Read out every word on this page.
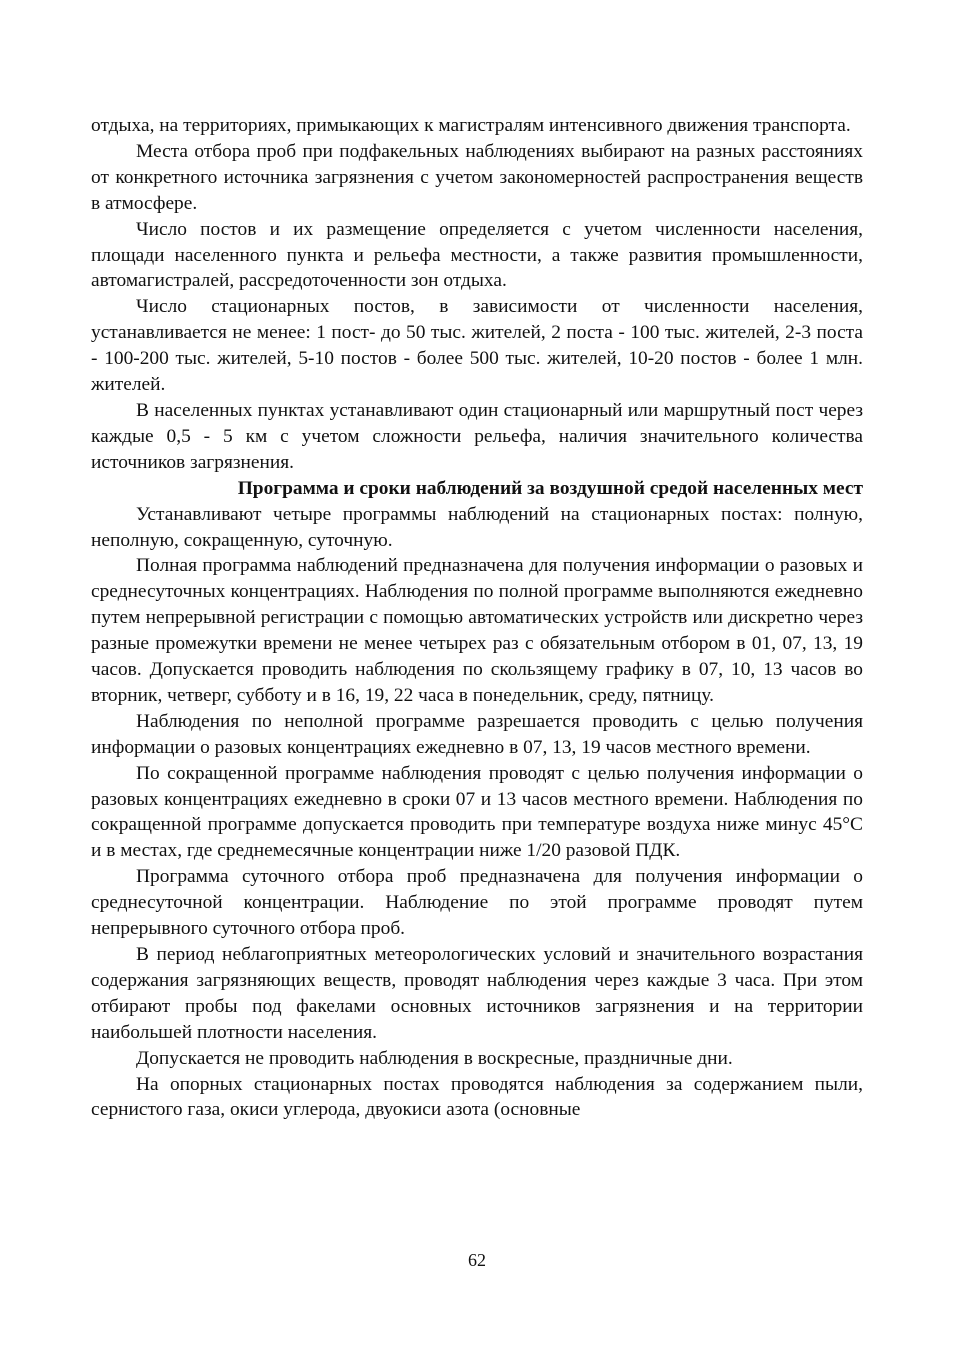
отдыха, на территориях, примыкающих к магистралям интенсивного движения транспорта.

Места отбора проб при подфакельных наблюдениях выбирают на разных расстояниях от конкретного источника загрязнения с учетом закономерностей распространения веществ в атмосфере.

Число постов и их размещение определяется с учетом численности населения, площади населенного пункта и рельефа местности, а также развития промышленности, автомагистралей, рассредоточенности зон отдыха.

Число стационарных постов, в зависимости от численности населения, устанавливается не менее: 1 пост- до 50 тыс. жителей, 2 поста - 100 тыс. жителей, 2-3 поста - 100-200 тыс. жителей, 5-10 постов - более 500 тыс. жителей, 10-20 постов - более 1 млн. жителей.

В населенных пунктах устанавливают один стационарный или маршрутный пост через каждые 0,5 - 5 км с учетом сложности рельефа, наличия значительного количества источников загрязнения.

Программа и сроки наблюдений за воздушной средой населенных мест

Устанавливают четыре программы наблюдений на стационарных постах: полную, неполную, сокращенную, суточную.

Полная программа наблюдений предназначена для получения информации о разовых и среднесуточных концентрациях. Наблюдения по полной программе выполняются ежедневно путем непрерывной регистрации с помощью автоматических устройств или дискретно через разные промежутки времени не менее четырех раз с обязательным отбором в 01, 07, 13, 19 часов. Допускается проводить наблюдения по скользящему графику в 07, 10, 13 часов во вторник, четверг, субботу и в 16, 19, 22 часа в понедельник, среду, пятницу.

Наблюдения по неполной программе разрешается проводить с целью получения информации о разовых концентрациях ежедневно в 07, 13, 19 часов местного времени.

По сокращенной программе наблюдения проводят с целью получения информации о разовых концентрациях ежедневно в сроки 07 и 13 часов местного времени. Наблюдения по сокращенной программе допускается проводить при температуре воздуха ниже минус 45°С и в местах, где среднемесячные концентрации ниже 1/20 разовой ПДК.

Программа суточного отбора проб предназначена для получения информации о среднесуточной концентрации. Наблюдение по этой программе проводят путем непрерывного суточного отбора проб.

В период неблагоприятных метеорологических условий и значительного возрастания содержания загрязняющих веществ, проводят наблюдения через каждые 3 часа. При этом отбирают пробы под факелами основных источников загрязнения и на территории наибольшей плотности населения.

Допускается не проводить наблюдения в воскресные, праздничные дни.

На опорных стационарных постах проводятся наблюдения за содержанием пыли, сернистого газа, окиси углерода, двуокиси азота (основные

62
